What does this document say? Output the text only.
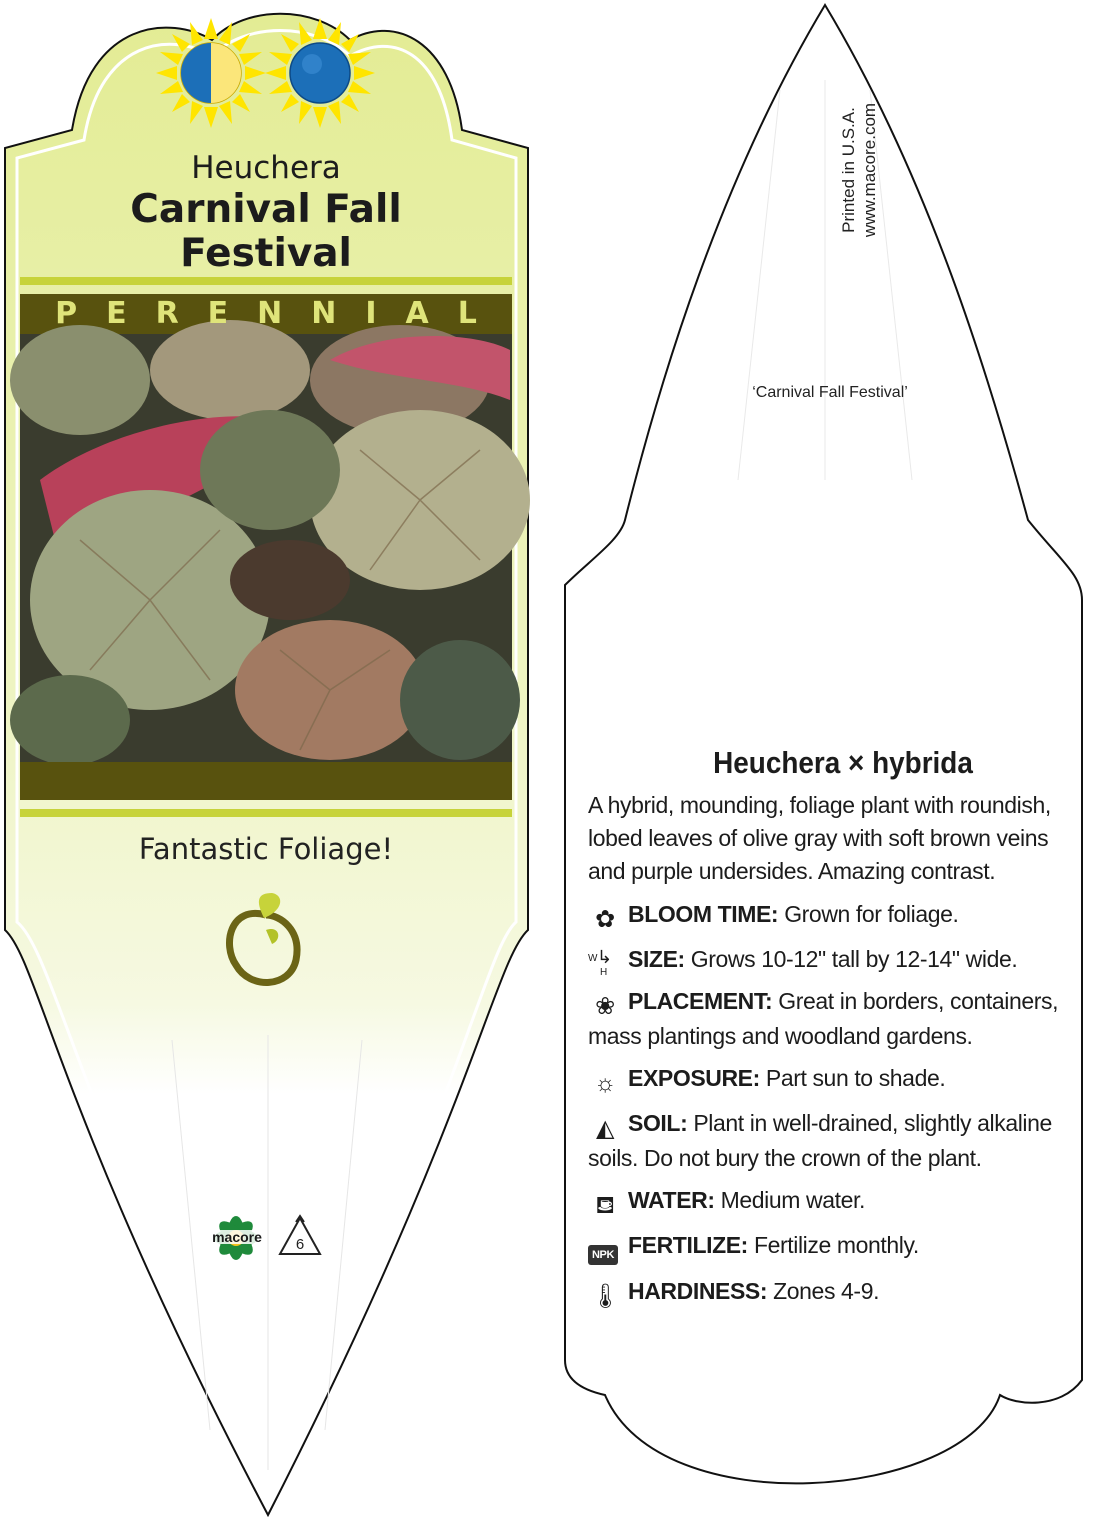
Heuchera
Carnival Fall
Festival
PERENNIAL
Fantastic Foliage!
macore	6
Printed in U.S.A. www.macore.com
‘Carnival Fall Festival’
Heuchera × hybrida
A hybrid, mounding, foliage plant with roundish, lobed leaves of olive gray with soft brown veins and purple undersides. Amazing contrast.
✿ BLOOM TIME: Grown for foliage.
W ↳
H
SIZE: Grows 10-12" tall by 12-14" wide.
❀ PLACEMENT: Great in borders, containers, mass plantings and woodland gardens.
☼ EXPOSURE: Part sun to shade.
◭ SOIL: Plant in well-drained, slightly alkaline soils. Do not bury the crown of the plant.
⛾ WATER: Medium water.
NPK FERTILIZE: Fertilize monthly.
🌡 HARDINESS: Zones 4-9.
